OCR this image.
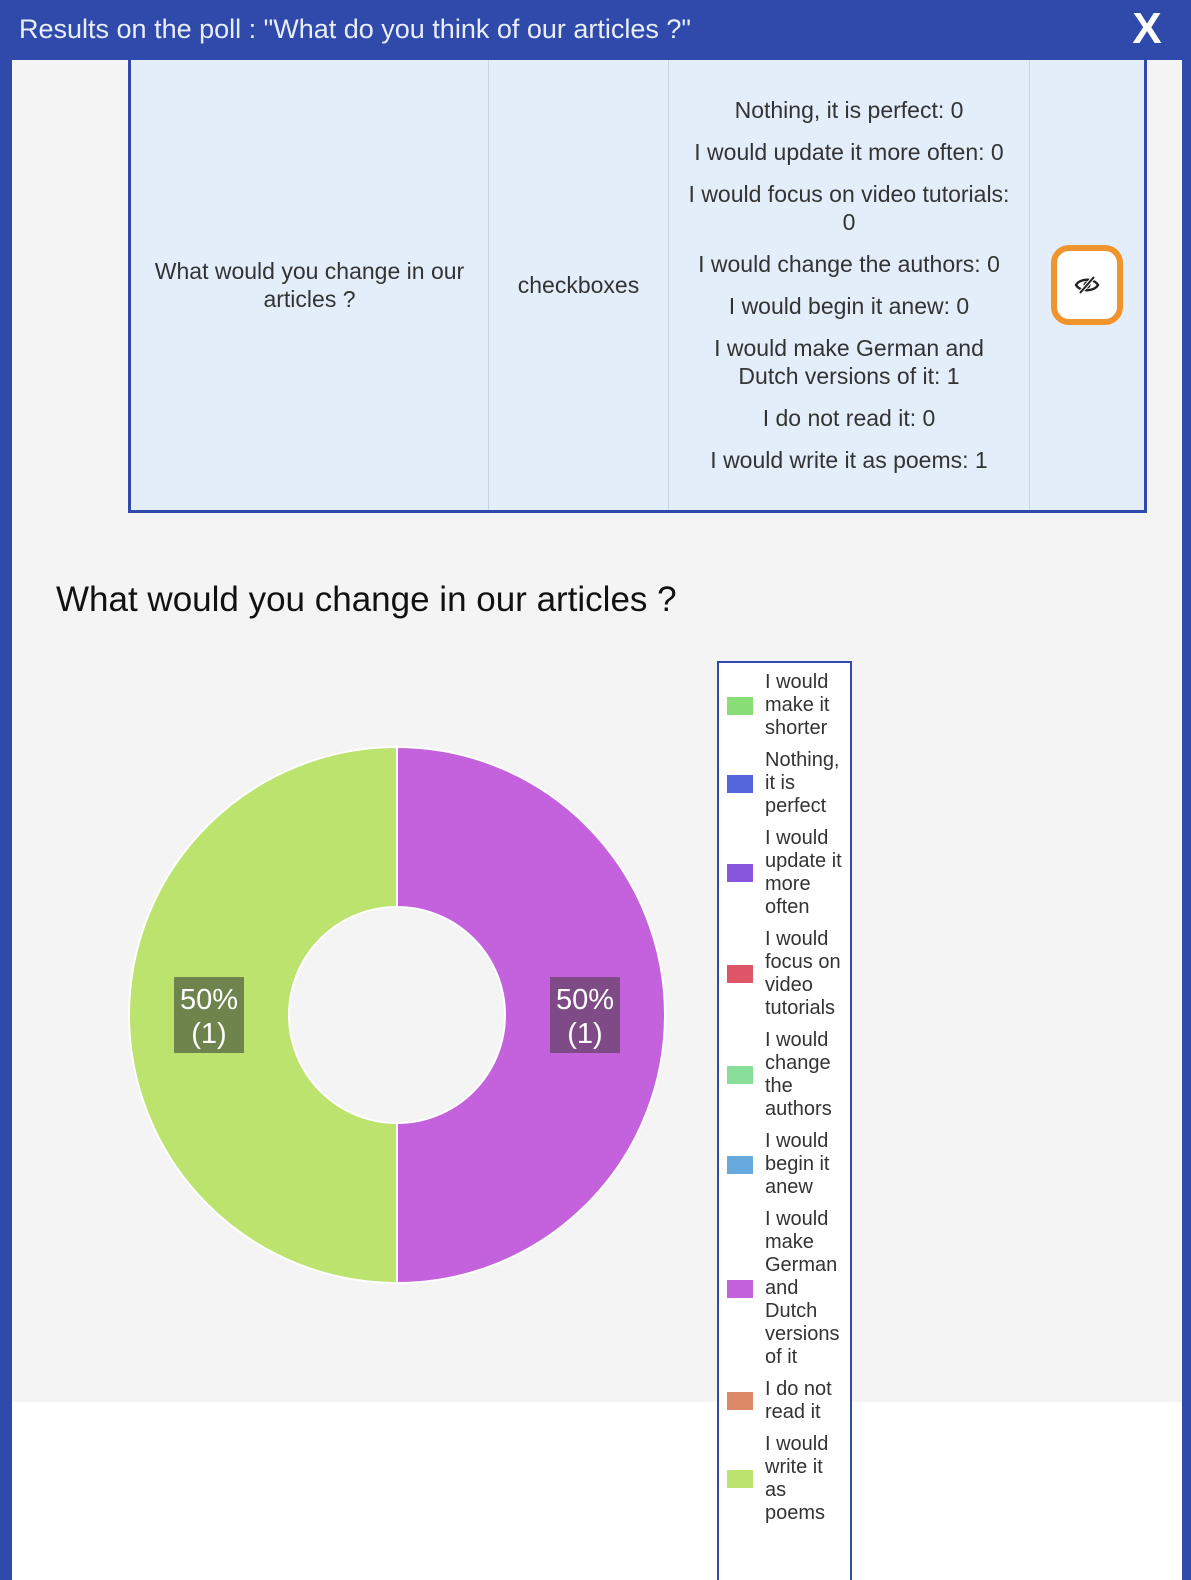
Results on the poll : "What do you think of our articles ?"	X
What would you change in our articles ?
checkboxes
Nothing, it is perfect: 0
I would update it more often: 0
I would focus on video tutorials: 0
I would change the authors: 0
I would begin it anew: 0
I would make German and Dutch versions of it: 1
I do not read it: 0
I would write it as poems: 1
What would you change in our articles ?
50%
(1)
50%
(1)
I would make it shorter
Nothing, it is perfect
I would update it more often
I would focus on video tutorials
I would change the authors
I would begin it anew
I would make German and Dutch versions of it
I do not read it
I would write it as poems
